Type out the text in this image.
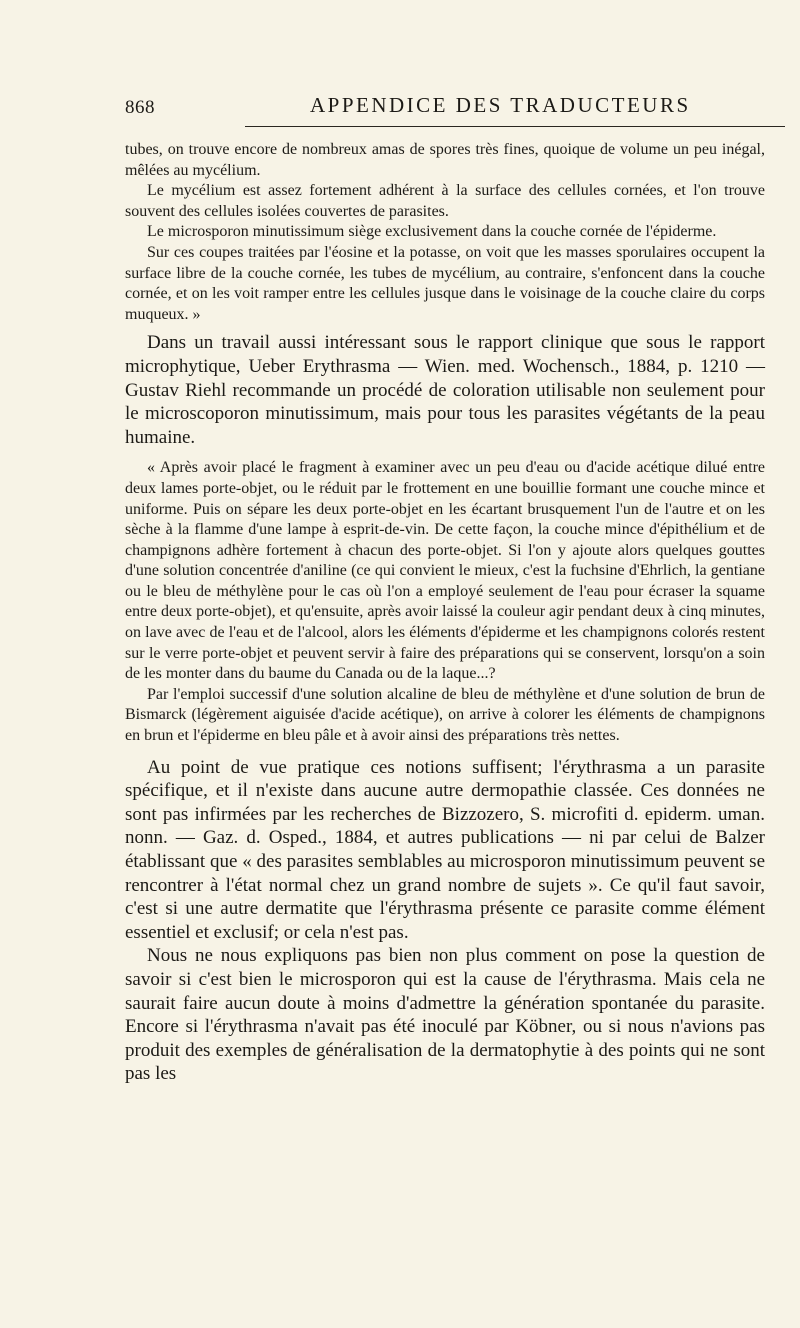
868	APPENDICE DES TRADUCTEURS

tubes, on trouve encore de nombreux amas de spores très fines, quoique de volume un peu inégal, mêlées au mycélium.

Le mycélium est assez fortement adhérent à la surface des cellules cornées, et l'on trouve souvent des cellules isolées couvertes de parasites.

Le microsporon minutissimum siège exclusivement dans la couche cornée de l'épiderme.

Sur ces coupes traitées par l'éosine et la potasse, on voit que les masses sporulaires occupent la surface libre de la couche cornée, les tubes de mycélium, au contraire, s'enfoncent dans la couche cornée, et on les voit ramper entre les cellules jusque dans le voisinage de la couche claire du corps muqueux. »

Dans un travail aussi intéressant sous le rapport clinique que sous le rapport microphytique, Ueber Erythrasma — Wien. med. Wochensch., 1884, p. 1210 — Gustav Riehl recommande un procédé de coloration utilisable non seulement pour le microscoporon minutissimum, mais pour tous les parasites végétants de la peau humaine.

« Après avoir placé le fragment à examiner avec un peu d'eau ou d'acide acétique dilué entre deux lames porte-objet, ou le réduit par le frottement en une bouillie formant une couche mince et uniforme. Puis on sépare les deux porte-objet en les écartant brusquement l'un de l'autre et on les sèche à la flamme d'une lampe à esprit-de-vin. De cette façon, la couche mince d'épithélium et de champignons adhère fortement à chacun des porte-objet. Si l'on y ajoute alors quelques gouttes d'une solution concentrée d'aniline (ce qui convient le mieux, c'est la fuchsine d'Ehrlich, la gentiane ou le bleu de méthylène pour le cas où l'on a employé seulement de l'eau pour écraser la squame entre deux porte-objet), et qu'ensuite, après avoir laissé la couleur agir pendant deux à cinq minutes, on lave avec de l'eau et de l'alcool, alors les éléments d'épiderme et les champignons colorés restent sur le verre porte-objet et peuvent servir à faire des préparations qui se conservent, lorsqu'on a soin de les monter dans du baume du Canada ou de la laque...?

Par l'emploi successif d'une solution alcaline de bleu de méthylène et d'une solution de brun de Bismarck (légèrement aiguisée d'acide acétique), on arrive à colorer les éléments de champignons en brun et l'épiderme en bleu pâle et à avoir ainsi des préparations très nettes.

Au point de vue pratique ces notions suffisent; l'érythrasma a un parasite spécifique, et il n'existe dans aucune autre dermopathie classée. Ces données ne sont pas infirmées par les recherches de Bizzozero, S. microfiti d. epiderm. uman. nonn. — Gaz. d. Osped., 1884, et autres publications — ni par celui de Balzer établissant que « des parasites semblables au microsporon minutissimum peuvent se rencontrer à l'état normal chez un grand nombre de sujets ». Ce qu'il faut savoir, c'est si une autre dermatite que l'érythrasma présente ce parasite comme élément essentiel et exclusif; or cela n'est pas.

Nous ne nous expliquons pas bien non plus comment on pose la question de savoir si c'est bien le microsporon qui est la cause de l'érythrasma. Mais cela ne saurait faire aucun doute à moins d'admettre la génération spontanée du parasite. Encore si l'érythrasma n'avait pas été inoculé par Köbner, ou si nous n'avions pas produit des exemples de généralisation de la dermatophytie à des points qui ne sont pas les
